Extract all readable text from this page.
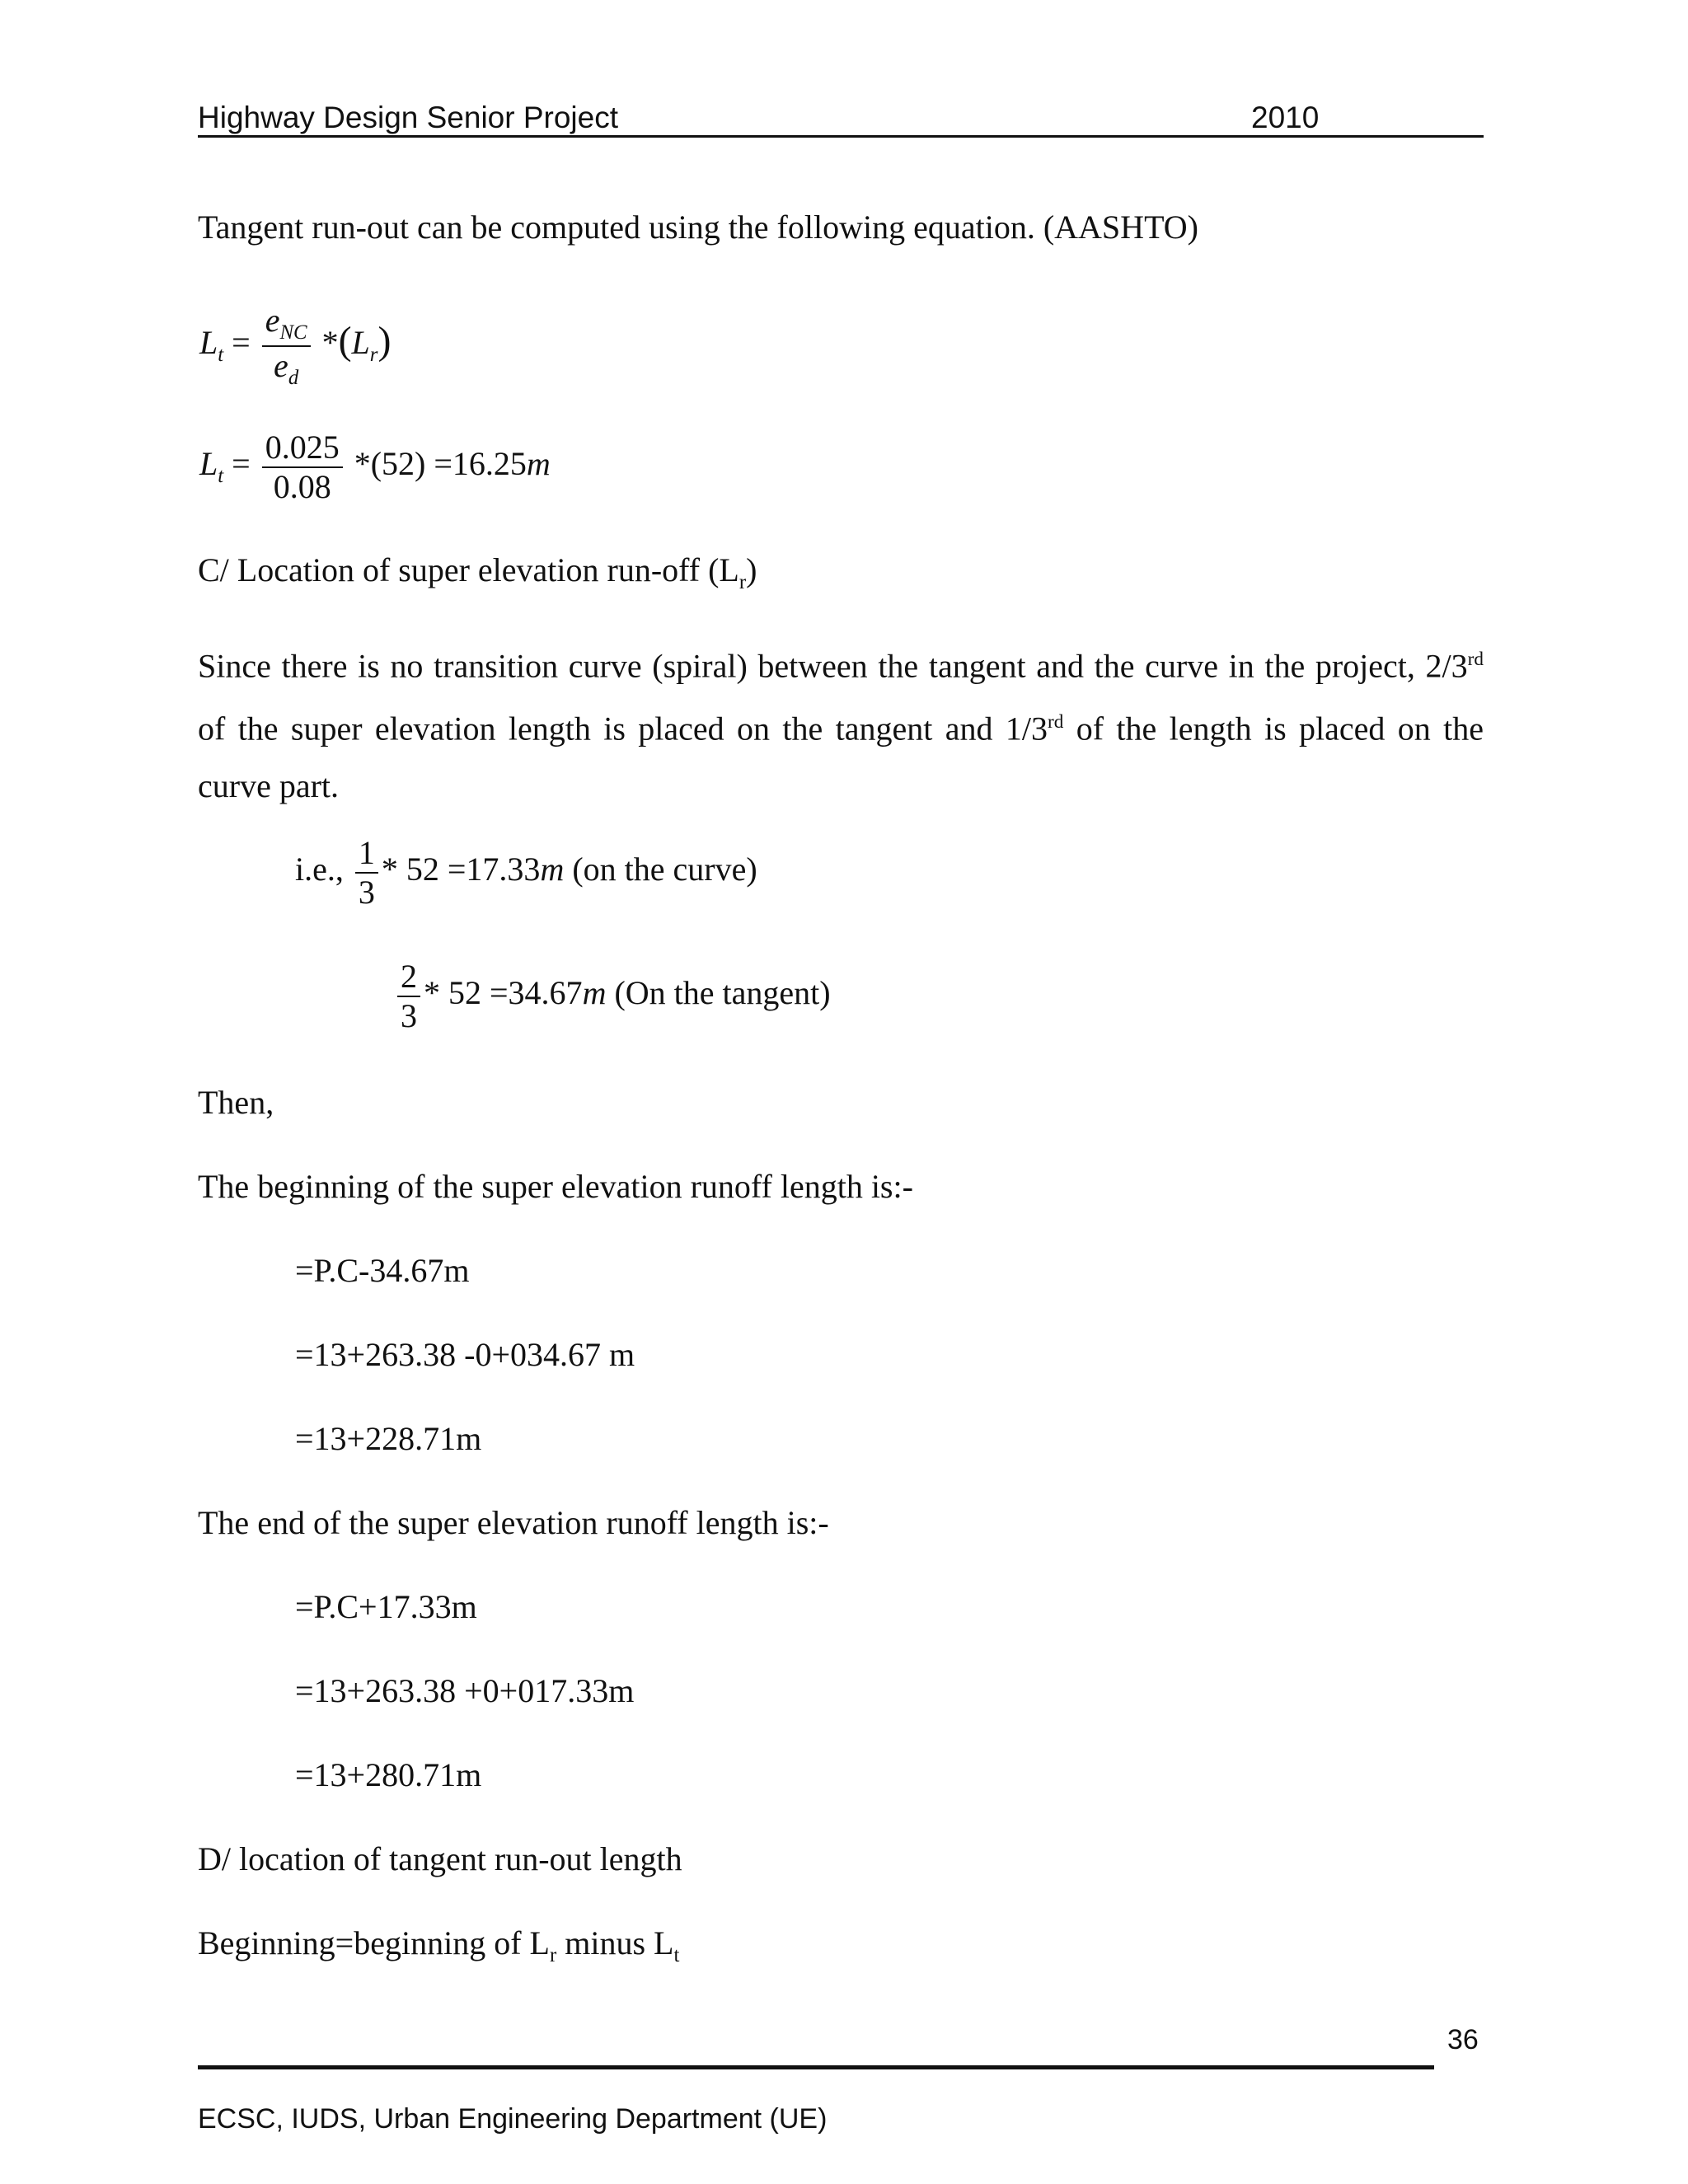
Highway Design Senior Project	2010
Tangent run-out can be computed using the following equation. (AASHTO)
$L_t = \frac{e_{NC}}{e_d} *(L_r)$
$L_t = \frac{0.025}{0.08} *(52) =16.25m$
C/ Location of super elevation run-off $(L_r)$
Since there is no transition curve (spiral) between the tangent and the curve in the project, 2/3rd of the super elevation length is placed on the tangent and 1/3rd of the length is placed on the curve part.
i.e., $\frac{1}{3} * 52 =17.33m$ (on the curve)
$\frac{2}{3} * 52 =34.67m$ (On the tangent)
Then,
The beginning of the super elevation runoff length is:-
=P.C-34.67m
=13+263.38 -0+034.67 m
=13+228.71m
The end of the super elevation runoff length is:-
=P.C+17.33m
=13+263.38 +0+017.33m
=13+280.71m
D/ location of tangent run-out length
Beginning=beginning of $L_r$ minus $L_t$
36
ECSC, IUDS, Urban Engineering Department (UE)
